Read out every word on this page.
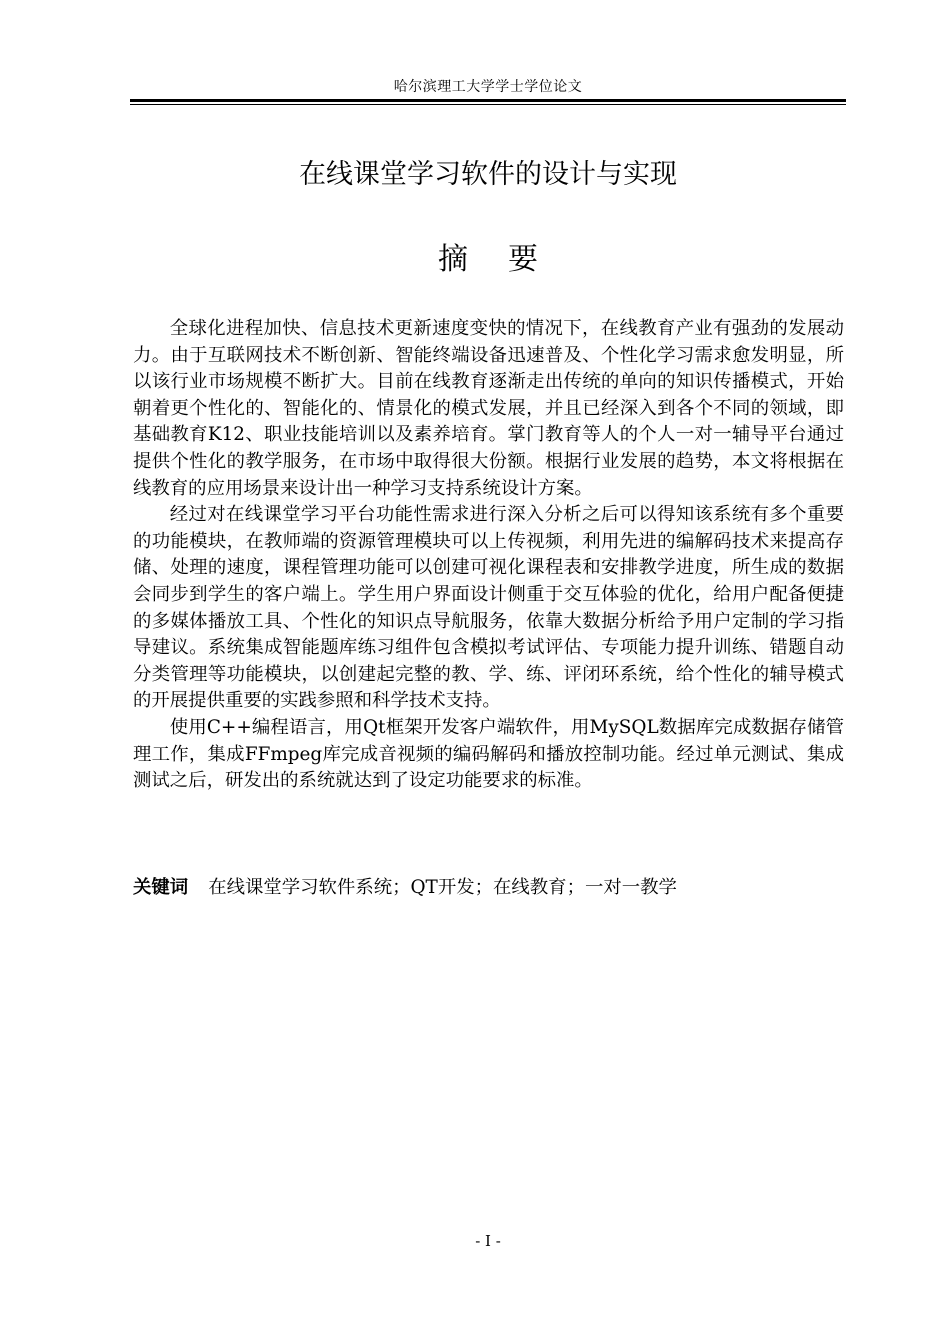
哈尔滨理工大学学士学位论文
在线课堂学习软件的设计与实现
摘要

全球化进程加快、信息技术更新速度变快的情况下，在线教育产业有强劲的发展动力。由于互联网技术不断创新、智能终端设备迅速普及、个性化学习需求愈发明显，所以该行业市场规模不断扩大。目前在线教育逐渐走出传统的单向的知识传播模式，开始朝着更个性化的、智能化的、情景化的模式发展，并且已经深入到各个不同的领域，即基础教育K12、职业技能培训以及素养培育。掌门教育等人的个人一对一辅导平台通过提供个性化的教学服务，在市场中取得很大份额。根据行业发展的趋势，本文将根据在线教育的应用场景来设计出一种学习支持系统设计方案。

经过对在线课堂学习平台功能性需求进行深入分析之后可以得知该系统有多个重要的功能模块，在教师端的资源管理模块可以上传视频，利用先进的编解码技术来提高存储、处理的速度，课程管理功能可以创建可视化课程表和安排教学进度，所生成的数据会同步到学生的客户端上。学生用户界面设计侧重于交互体验的优化，给用户配备便捷的多媒体播放工具、个性化的知识点导航服务，依靠大数据分析给予用户定制的学习指导建议。系统集成智能题库练习组件包含模拟考试评估、专项能力提升训练、错题自动分类管理等功能模块，以创建起完整的教、学、练、评闭环系统，给个性化的辅导模式的开展提供重要的实践参照和科学技术支持。

使用C++编程语言，用Qt框架开发客户端软件，用MySQL数据库完成数据存储管理工作，集成FFmpeg库完成音视频的编码解码和播放控制功能。经过单元测试、集成测试之后，研发出的系统就达到了设定功能要求的标准。

关键词 在线课堂学习软件系统；QT开发；在线教育；一对一教学
- I -
